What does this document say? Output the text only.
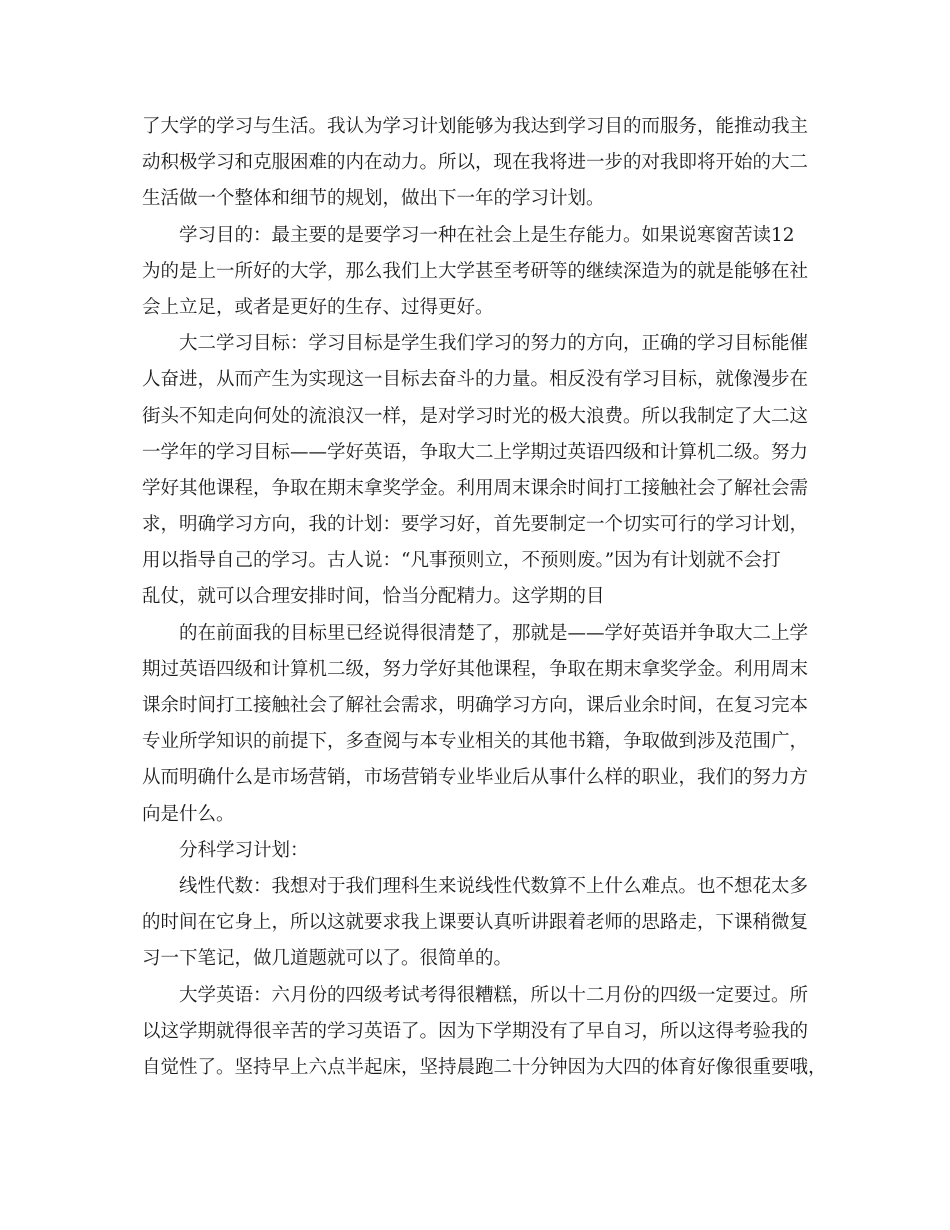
了大学的学习与生活。我认为学习计划能够为我达到学习目的而服务，能推动我主
动积极学习和克服困难的内在动力。所以，现在我将进一步的对我即将开始的大二
生活做一个整体和细节的规划，做出下一年的学习计划。
学习目的：最主要的是要学习一种在社会上是生存能力。如果说寒窗苦读12
为的是上一所好的大学，那么我们上大学甚至考研等的继续深造为的就是能够在社
会上立足，或者是更好的生存、过得更好。
大二学习目标：学习目标是学生我们学习的努力的方向，正确的学习目标能催
人奋进，从而产生为实现这一目标去奋斗的力量。相反没有学习目标，就像漫步在
街头不知走向何处的流浪汉一样，是对学习时光的极大浪费。所以我制定了大二这
一学年的学习目标——学好英语，争取大二上学期过英语四级和计算机二级。努力
学好其他课程，争取在期末拿奖学金。利用周末课余时间打工接触社会了解社会需
求，明确学习方向，我的计划：要学习好，首先要制定一个切实可行的学习计划，
用以指导自己的学习。古人说：“凡事预则立，不预则废。”因为有计划就不会打
乱仗，就可以合理安排时间，恰当分配精力。这学期的目
的在前面我的目标里已经说得很清楚了，那就是——学好英语并争取大二上学
期过英语四级和计算机二级，努力学好其他课程，争取在期末拿奖学金。利用周末
课余时间打工接触社会了解社会需求，明确学习方向，课后业余时间，在复习完本
专业所学知识的前提下，多查阅与本专业相关的其他书籍，争取做到涉及范围广，
从而明确什么是市场营销，市场营销专业毕业后从事什么样的职业，我们的努力方
向是什么。
分科学习计划：
线性代数：我想对于我们理科生来说线性代数算不上什么难点。也不想花太多
的时间在它身上，所以这就要求我上课要认真听讲跟着老师的思路走，下课稍微复
习一下笔记，做几道题就可以了。很简单的。
大学英语：六月份的四级考试考得很糟糕，所以十二月份的四级一定要过。所
以这学期就得很辛苦的学习英语了。因为下学期没有了早自习，所以这得考验我的
自觉性了。坚持早上六点半起床，坚持晨跑二十分钟因为大四的体育好像很重要哦，
